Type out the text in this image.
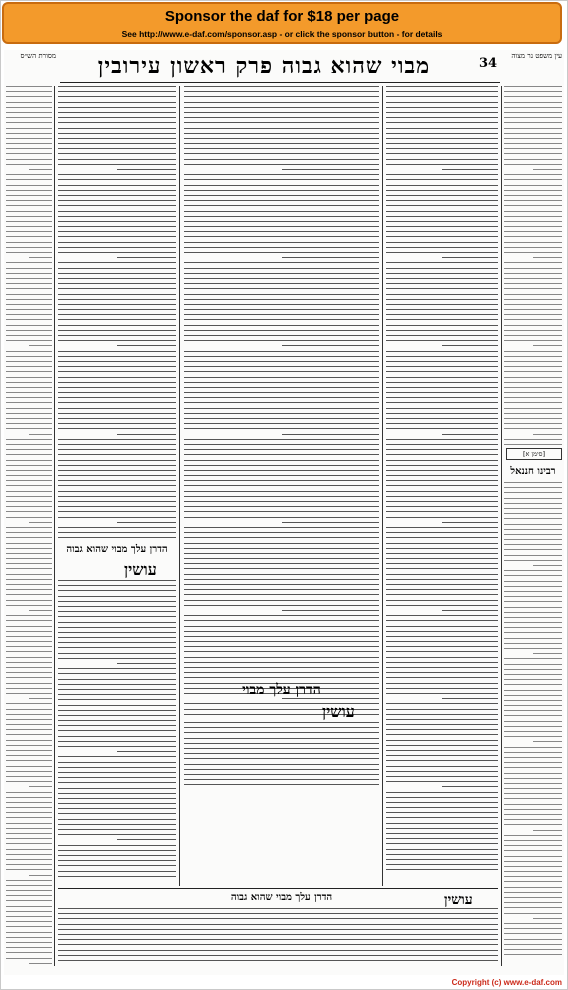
Sponsor the daf for $18 per page
See http://www.e-daf.com/sponsor.asp - or click the sponsor button - for details
מסורת הש״ס	מבוי שהוא גבוה פרק ראשון עירובין	34	עין משפט נר מצוה
הדרן עלך מבוי שהוא גבוה
עושין
הדרן עלך מבוי
עושין
[סימן א]
רבינו חננאל
הדרן עלך מבוי שהוא גבוה	עושין
Copyright (c) www.e-daf.com
